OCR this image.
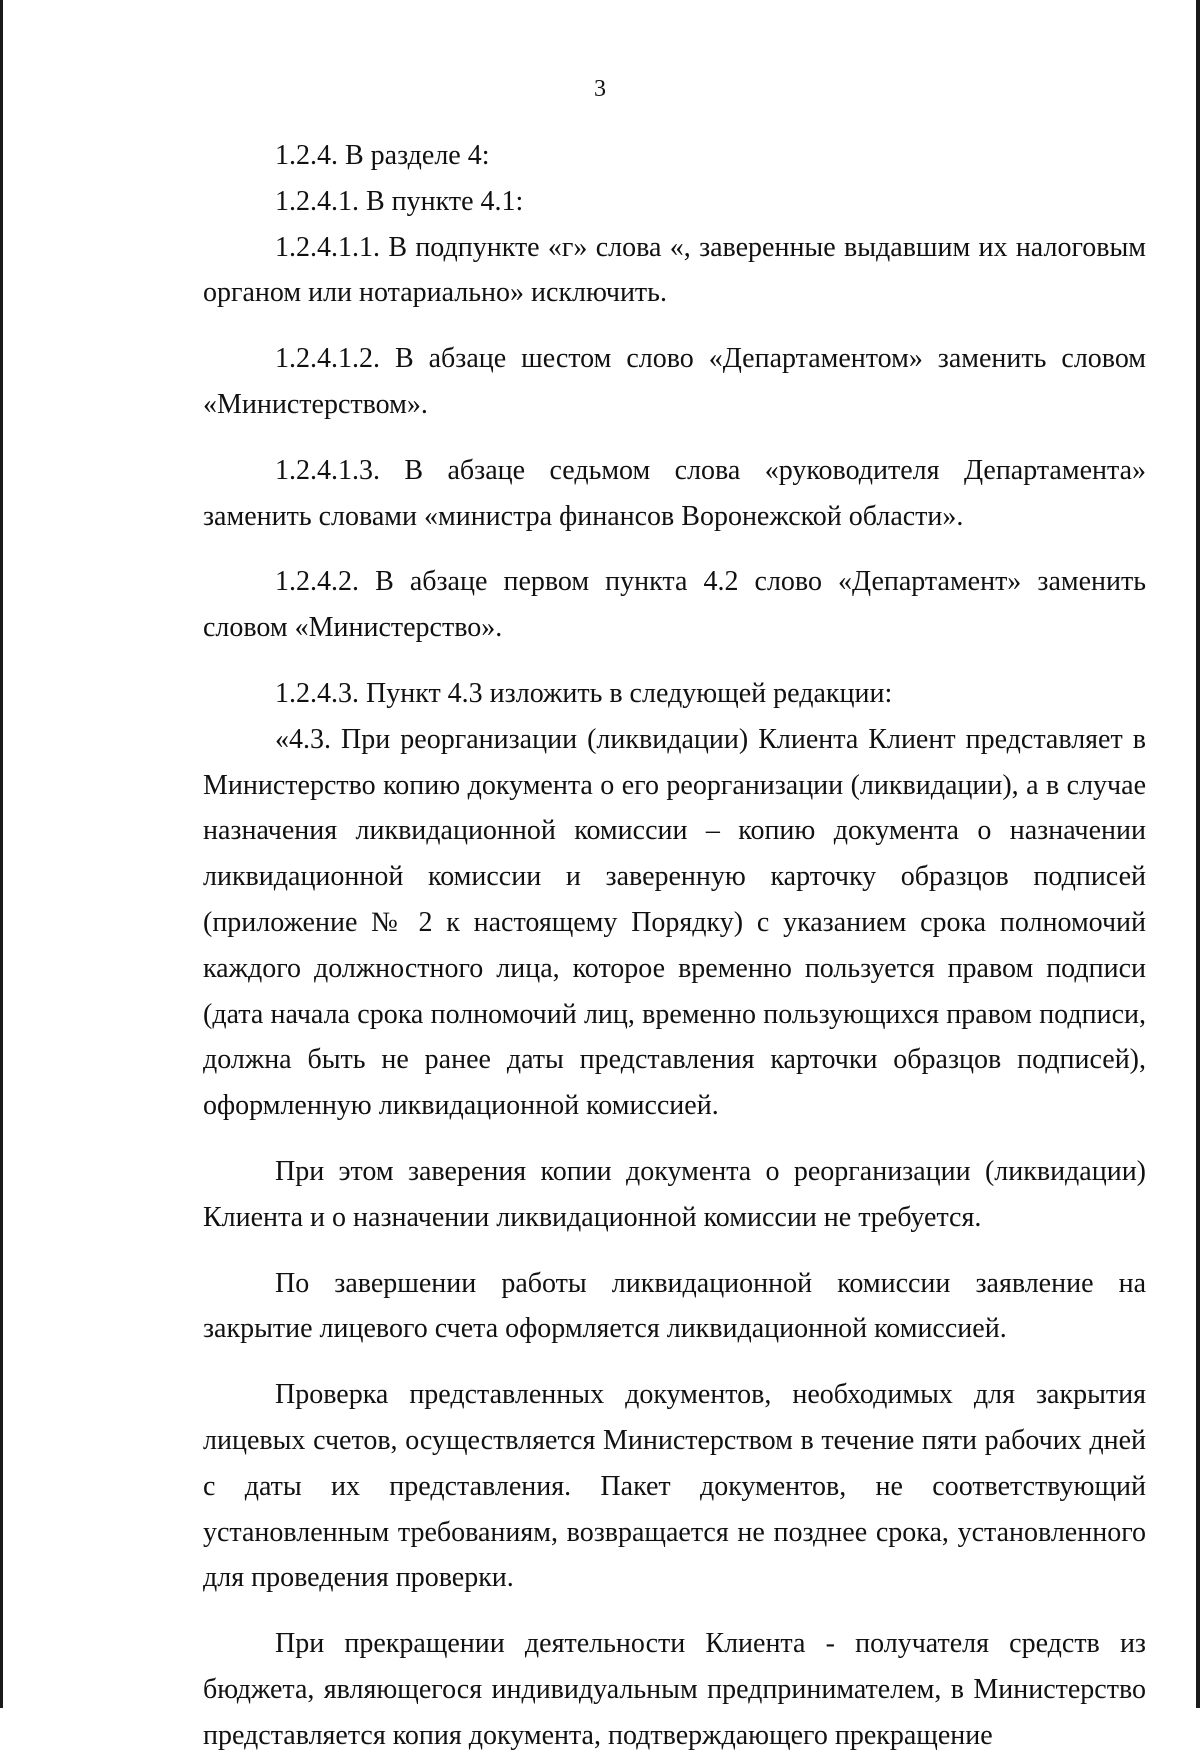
3

1.2.4. В разделе 4:

1.2.4.1. В пункте 4.1:

1.2.4.1.1. В подпункте «г» слова «, заверенные выдавшим их налоговым органом или нотариально» исключить.

1.2.4.1.2. В абзаце шестом слово «Департаментом» заменить словом «Министерством».

1.2.4.1.3. В абзаце седьмом слова «руководителя Департамента» заменить словами «министра финансов Воронежской области».

1.2.4.2. В абзаце первом пункта 4.2 слово «Департамент» заменить словом «Министерство».

1.2.4.3. Пункт 4.3 изложить в следующей редакции:

«4.3. При реорганизации (ликвидации) Клиента Клиент представляет в Министерство копию документа о его реорганизации (ликвидации), а в случае назначения ликвидационной комиссии – копию документа о назначении ликвидационной комиссии и заверенную карточку образцов подписей (приложение № 2 к настоящему Порядку) с указанием срока полномочий каждого должностного лица, которое временно пользуется правом подписи (дата начала срока полномочий лиц, временно пользующихся правом подписи, должна быть не ранее даты представления карточки образцов подписей), оформленную ликвидационной комиссией.

При этом заверения копии документа о реорганизации (ликвидации) Клиента и о назначении ликвидационной комиссии не требуется.

По завершении работы ликвидационной комиссии заявление на закрытие лицевого счета оформляется ликвидационной комиссией.

Проверка представленных документов, необходимых для закрытия лицевых счетов, осуществляется Министерством в течение пяти рабочих дней с даты их представления. Пакет документов, не соответствующий установленным требованиям, возвращается не позднее срока, установленного для проведения проверки.

При прекращении деятельности Клиента - получателя средств из бюджета, являющегося индивидуальным предпринимателем, в Министерство представляется копия документа, подтверждающего прекращение
